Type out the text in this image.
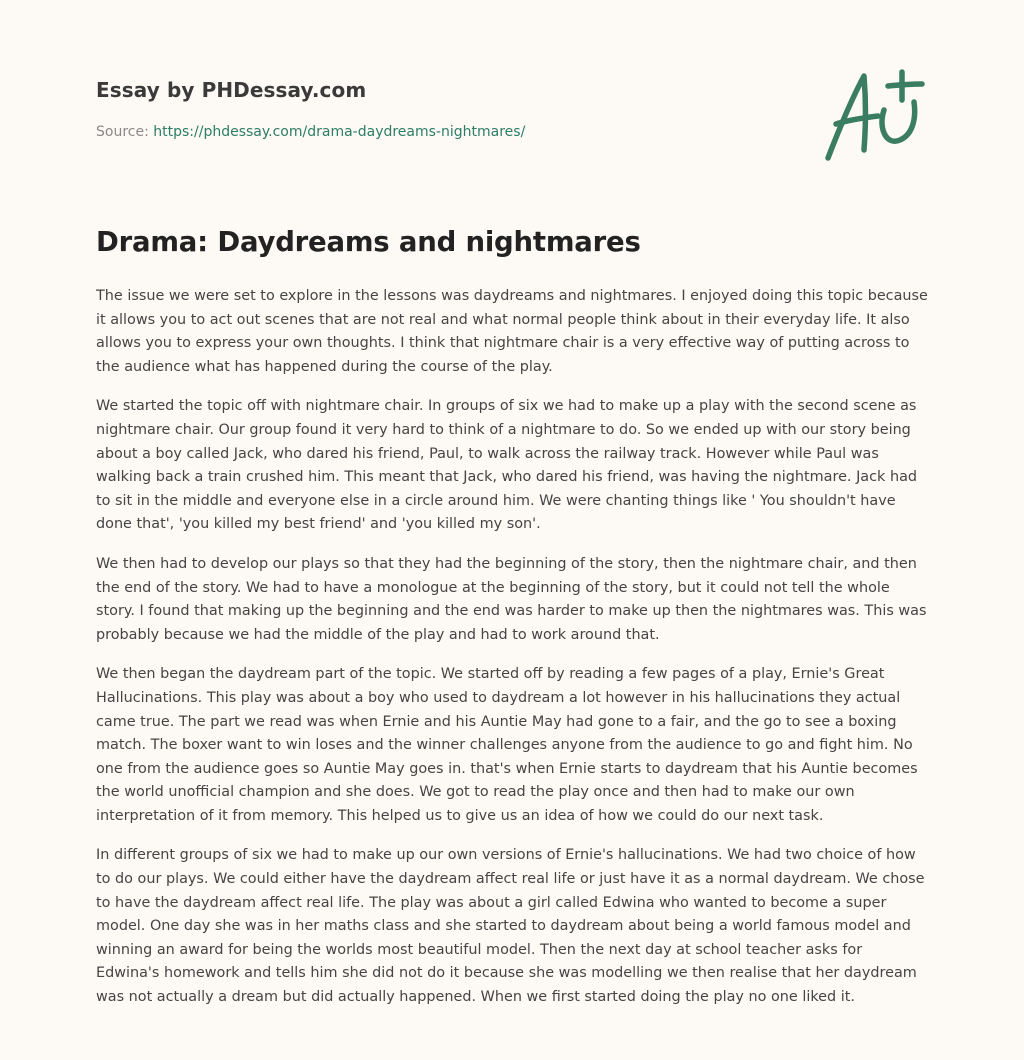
Essay by PHDessay.com
Source: https://phdessay.com/drama-daydreams-nightmares/
Drama: Daydreams and nightmares

The issue we were set to explore in the lessons was daydreams and nightmares. I enjoyed doing this topic because it allows you to act out scenes that are not real and what normal people think about in their everyday life. It also allows you to express your own thoughts. I think that nightmare chair is a very effective way of putting across to the audience what has happened during the course of the play.

We started the topic off with nightmare chair. In groups of six we had to make up a play with the second scene as nightmare chair. Our group found it very hard to think of a nightmare to do. So we ended up with our story being about a boy called Jack, who dared his friend, Paul, to walk across the railway track. However while Paul was walking back a train crushed him. This meant that Jack, who dared his friend, was having the nightmare. Jack had to sit in the middle and everyone else in a circle around him. We were chanting things like ' You shouldn't have done that', 'you killed my best friend' and 'you killed my son'.

We then had to develop our plays so that they had the beginning of the story, then the nightmare chair, and then the end of the story. We had to have a monologue at the beginning of the story, but it could not tell the whole story. I found that making up the beginning and the end was harder to make up then the nightmares was. This was probably because we had the middle of the play and had to work around that.

We then began the daydream part of the topic. We started off by reading a few pages of a play, Ernie's Great Hallucinations. This play was about a boy who used to daydream a lot however in his hallucinations they actual came true. The part we read was when Ernie and his Auntie May had gone to a fair, and the go to see a boxing match. The boxer want to win loses and the winner challenges anyone from the audience to go and fight him. No one from the audience goes so Auntie May goes in. that's when Ernie starts to daydream that his Auntie becomes the world unofficial champion and she does. We got to read the play once and then had to make our own interpretation of it from memory. This helped us to give us an idea of how we could do our next task.

In different groups of six we had to make up our own versions of Ernie's hallucinations. We had two choice of how to do our plays. We could either have the daydream affect real life or just have it as a normal daydream. We chose to have the daydream affect real life. The play was about a girl called Edwina who wanted to become a super model. One day she was in her maths class and she started to daydream about being a world famous model and winning an award for being the worlds most beautiful model. Then the next day at school teacher asks for Edwina's homework and tells him she did not do it because she was modelling we then realise that her daydream was not actually a dream but did actually happened. When we first started doing the play no one liked it.
